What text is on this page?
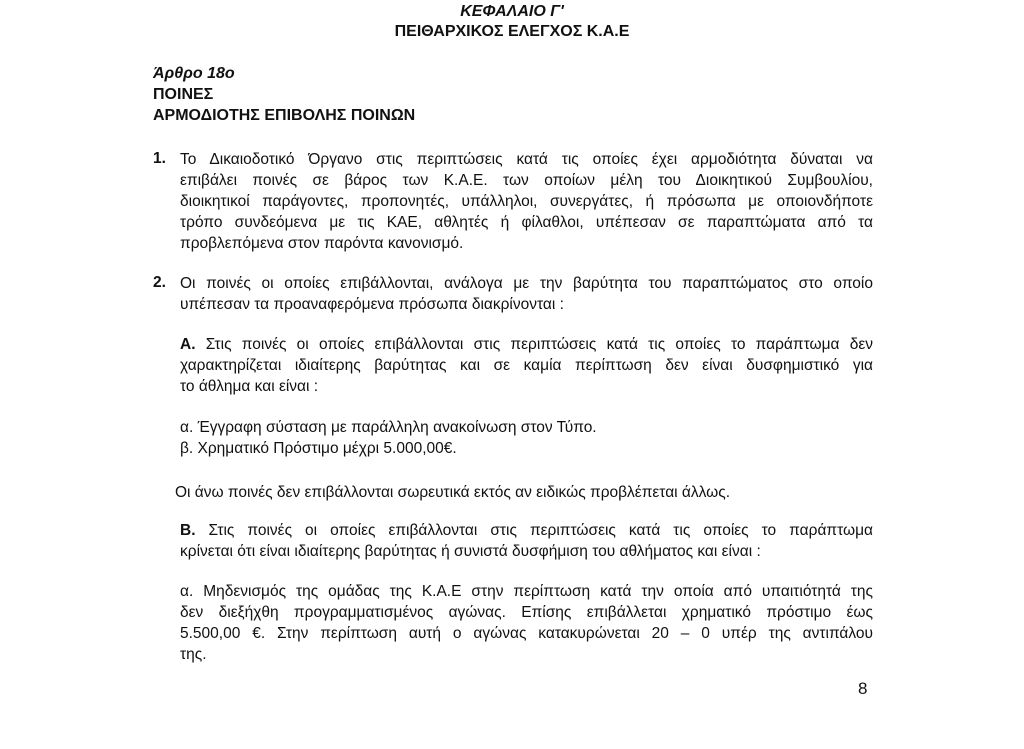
ΚΕΦΑΛΑΙΟ Γ'
ΠΕΙΘΑΡΧΙΚΟΣ ΕΛΕΓΧΟΣ Κ.Α.Ε
Άρθρο 18ο
ΠΟΙΝΕΣ
ΑΡΜΟΔΙΟΤΗΣ ΕΠΙΒΟΛΗΣ ΠΟΙΝΩΝ
1. Το Δικαιοδοτικό Όργανο στις περιπτώσεις κατά τις οποίες έχει αρμοδιότητα δύναται να
επιβάλει ποινές σε βάρος των Κ.Α.Ε. των οποίων μέλη του Διοικητικού Συμβουλίου,
διοικητικοί παράγοντες, προπονητές, υπάλληλοι, συνεργάτες, ή πρόσωπα με οποιονδήποτε
τρόπο συνδεόμενα με τις ΚΑΕ, αθλητές ή φίλαθλοι, υπέπεσαν σε παραπτώματα από τα
προβλεπόμενα στον παρόντα κανονισμό.
2. Οι ποινές οι οποίες επιβάλλονται, ανάλογα με την βαρύτητα του παραπτώματος στο οποίο
υπέπεσαν τα προαναφερόμενα πρόσωπα διακρίνονται :
Α. Στις ποινές οι οποίες επιβάλλονται στις περιπτώσεις κατά τις οποίες το παράπτωμα δεν
χαρακτηρίζεται ιδιαίτερης βαρύτητας και σε καμία περίπτωση δεν είναι δυσφημιστικό για
το άθλημα και είναι :
α. Έγγραφη σύσταση με παράλληλη ανακοίνωση στον Τύπο.
β. Χρηματικό Πρόστιμο μέχρι 5.000,00€.
Οι άνω ποινές δεν επιβάλλονται σωρευτικά εκτός αν ειδικώς προβλέπεται άλλως.
Β. Στις ποινές οι οποίες επιβάλλονται στις περιπτώσεις κατά τις οποίες το παράπτωμα
κρίνεται ότι είναι ιδιαίτερης βαρύτητας ή συνιστά δυσφήμιση του αθλήματος και είναι :
α. Μηδενισμός της ομάδας της Κ.Α.Ε στην περίπτωση κατά την οποία από υπαιτιότητά της
δεν διεξήχθη προγραμματισμένος αγώνας. Επίσης επιβάλλεται χρηματικό πρόστιμο έως
5.500,00 €. Στην περίπτωση αυτή ο αγώνας κατακυρώνεται 20 – 0 υπέρ της αντιπάλου
της.
8
